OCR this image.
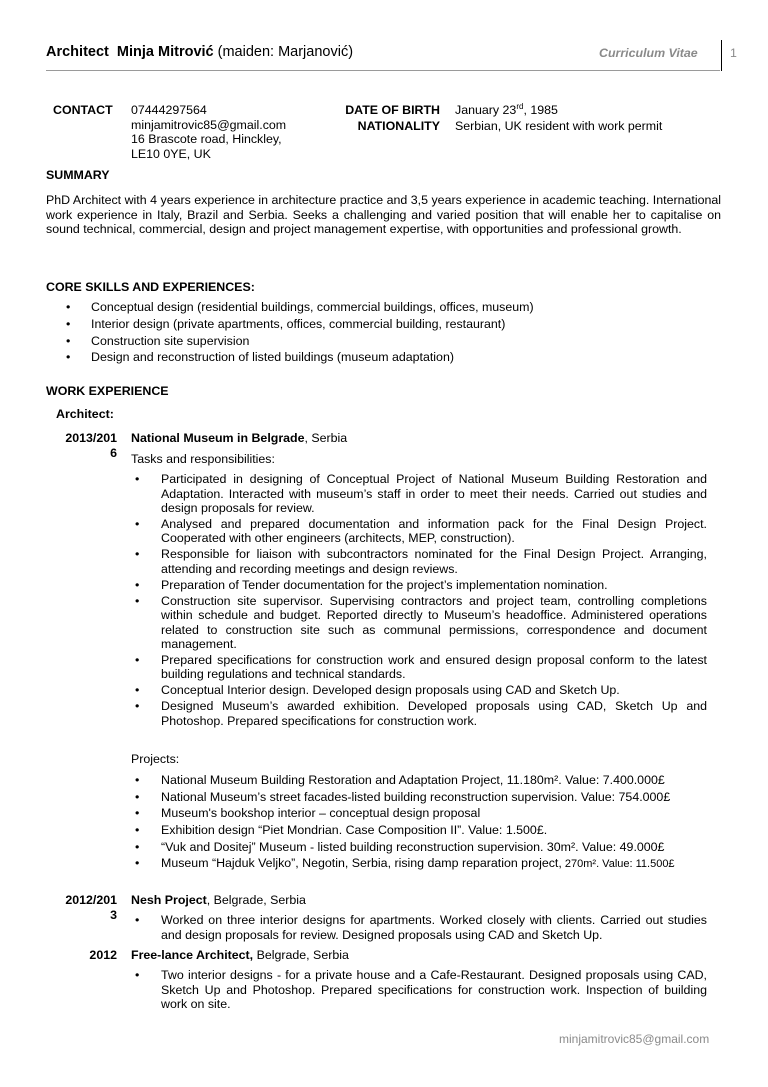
Architect Minja Mitrović (maiden: Marjanović)	Curriculum Vitae	1
CONTACT 07444297564
minjamitrovic85@gmail.com
16 Brascote road, Hinckley,
LE10 0YE, UK
DATE OF BIRTH
NATIONALITY
January 23rd, 1985
Serbian, UK resident with work permit
SUMMARY
PhD Architect with 4 years experience in architecture practice and 3,5 years experience in academic teaching. International work experience in Italy, Brazil and Serbia. Seeks a challenging and varied position that will enable her to capitalise on sound technical, commercial, design and project management expertise, with opportunities and professional growth.
CORE SKILLS AND EXPERIENCES:
• Conceptual design (residential buildings, commercial buildings, offices, museum)
• Interior design (private apartments, offices, commercial building, restaurant)
• Construction site supervision
• Design and reconstruction of listed buildings (museum adaptation)
WORK EXPERIENCE
Architect:
2013/201
6
National Museum in Belgrade, Serbia
Tasks and responsibilities:
• Participated in designing of Conceptual Project of National Museum Building Restoration and Adaptation. Interacted with museum’s staff in order to meet their needs. Carried out studies and design proposals for review.
• Analysed and prepared documentation and information pack for the Final Design Project. Cooperated with other engineers (architects, MEP, construction).
• Responsible for liaison with subcontractors nominated for the Final Design Project. Arranging, attending and recording meetings and design reviews.
• Preparation of Tender documentation for the project’s implementation nomination.
• Construction site supervisor. Supervising contractors and project team, controlling completions within schedule and budget. Reported directly to Museum’s headoffice. Administered operations related to construction site such as communal permissions, correspondence and document management.
• Prepared specifications for construction work and ensured design proposal conform to the latest building regulations and technical standards.
• Conceptual Interior design. Developed design proposals using CAD and Sketch Up.
• Designed Museum’s awarded exhibition. Developed proposals using CAD, Sketch Up and Photoshop. Prepared specifications for construction work.
Projects:
• National Museum Building Restoration and Adaptation Project, 11.180m². Value: 7.400.000£
• National Museum’s street facades-listed building reconstruction supervision. Value: 754.000£
• Museum's bookshop interior – conceptual design proposal
• Exhibition design “Piet Mondrian. Case Composition II”. Value: 1.500£.
• “Vuk and Dositej” Museum - listed building reconstruction supervision. 30m². Value: 49.000£
• Museum “Hajduk Veljko”, Negotin, Serbia, rising damp reparation project, 270m². Value: 11.500£
2012/201
3
Nesh Project, Belgrade, Serbia
• Worked on three interior designs for apartments. Worked closely with clients. Carried out studies and design proposals for review. Designed proposals using CAD and Sketch Up.
2012 Free-lance Architect, Belgrade, Serbia
• Two interior designs - for a private house and a Cafe-Restaurant. Designed proposals using CAD, Sketch Up and Photoshop. Prepared specifications for construction work. Inspection of building work on site.
minjamitrovic85@gmail.com
